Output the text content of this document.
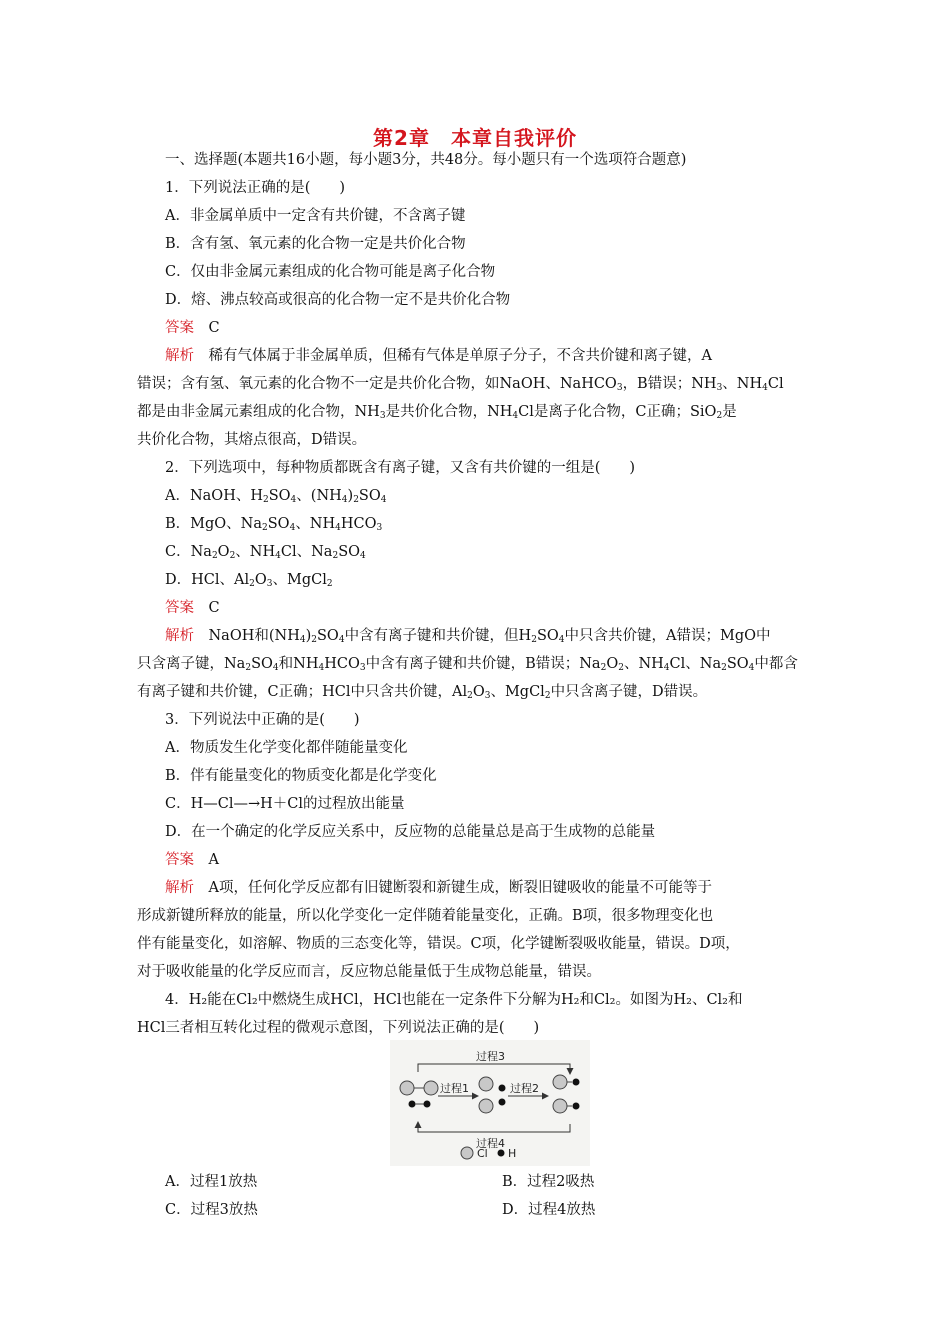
第2章　本章自我评价
一、选择题(本题共16小题，每小题3分，共48分。每小题只有一个选项符合题意)
1．下列说法正确的是(　　)
A．非金属单质中一定含有共价键，不含离子键
B．含有氢、氧元素的化合物一定是共价化合物
C．仅由非金属元素组成的化合物可能是离子化合物
D．熔、沸点较高或很高的化合物一定不是共价化合物
答案　 C
解析　 稀有气体属于非金属单质，但稀有气体是单原子分子，不含共价键和离子键，A
错误；含有氢、氧元素的化合物不一定是共价化合物，如NaOH、NaHCO$_3$，B错误；$NH_3$、$NH_4Cl$
都是由非金属元素组成的化合物，$NH_3$是共价化合物，$NH_4Cl$是离子化合物，C正确；SiO$_2$是
共价化合物，其熔点很高，D错误。
2．下列选项中，每种物质都既含有离子键，又含有共价键的一组是(　　)
A．NaOH、$H_2SO_4$、$(NH_4)_2SO_4$
B．MgO、$Na_2SO_4$、$NH_4HCO_3$
C．$Na_2O_2$、$NH_4Cl$、$Na_2SO_4$
D．HCl、$Al_2O_3$、MgCl$_2$
答案　 C
解析　NaOH和$(NH_4)_2SO_4$中含有离子键和共价键，但$H_2SO_4$中只含共价键，A错误；MgO中
只含离子键，$Na_2SO_4$和$NH_4HCO_3$中含有离子键和共价键，B错误；$Na_2O_2$、$NH_4Cl$、$Na_2SO_4$中都含
有离子键和共价键，C正确；HCl中只含共价键，$Al_2O_3$、MgCl$_2$中只含离子键，D错误。
3．下列说法中正确的是(　　)
A．物质发生化学变化都伴随能量变化
B．伴有能量变化的物质变化都是化学变化
C．H—Cl—→H＋Cl的过程放出能量
D．在一个确定的化学反应关系中，反应物的总能量总是高于生成物的总能量
答案　 A
解析　 A项，任何化学反应都有旧键断裂和新键生成，断裂旧键吸收的能量不可能等于
形成新键所释放的能量，所以化学变化一定伴随着能量变化，正确。B项，很多物理变化也
伴有能量变化，如溶解、物质的三态变化等，错误。C项，化学键断裂吸收能量，错误。D项，
对于吸收能量的化学反应而言，反应物总能量低于生成物总能量，错误。
4．H₂能在Cl₂中燃烧生成HCl，HCl也能在一定条件下分解为H₂和Cl₂。如图为H₂、Cl₂和
HCl三者相互转化过程的微观示意图，下列说法正确的是(　　)
过程3
过程4
过程1	过程2
Cl H
A．过程1放热	B．过程2吸热
C．过程3放热	D．过程4放热
